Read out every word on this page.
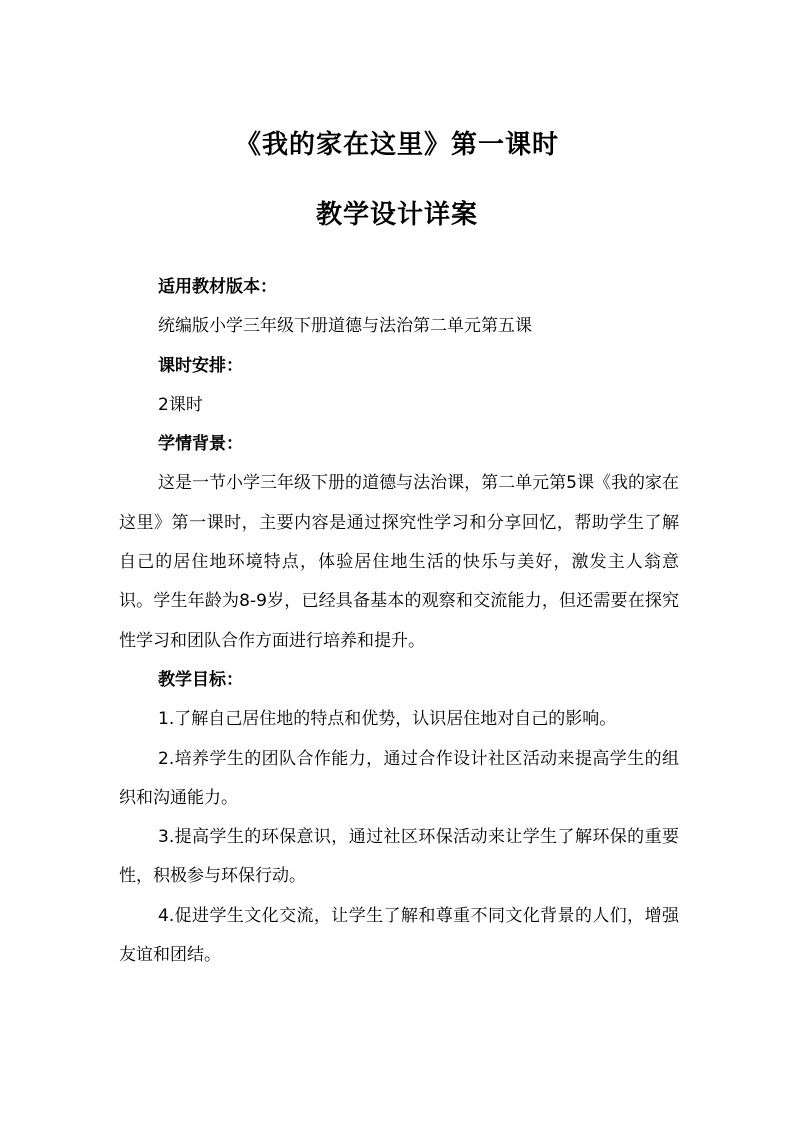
《我的家在这里》第一课时
教学设计详案

适用教材版本：

统编版小学三年级下册道德与法治第二单元第五课

课时安排：

2课时

学情背景：

这是一节小学三年级下册的道德与法治课，第二单元第5课《我的家在这里》第一课时，主要内容是通过探究性学习和分享回忆，帮助学生了解自己的居住地环境特点，体验居住地生活的快乐与美好，激发主人翁意识。学生年龄为8-9岁，已经具备基本的观察和交流能力，但还需要在探究性学习和团队合作方面进行培养和提升。

教学目标：

1.了解自己居住地的特点和优势，认识居住地对自己的影响。

2.培养学生的团队合作能力，通过合作设计社区活动来提高学生的组织和沟通能力。

3.提高学生的环保意识，通过社区环保活动来让学生了解环保的重要性，积极参与环保行动。

4.促进学生文化交流，让学生了解和尊重不同文化背景的人们，增强友谊和团结。
